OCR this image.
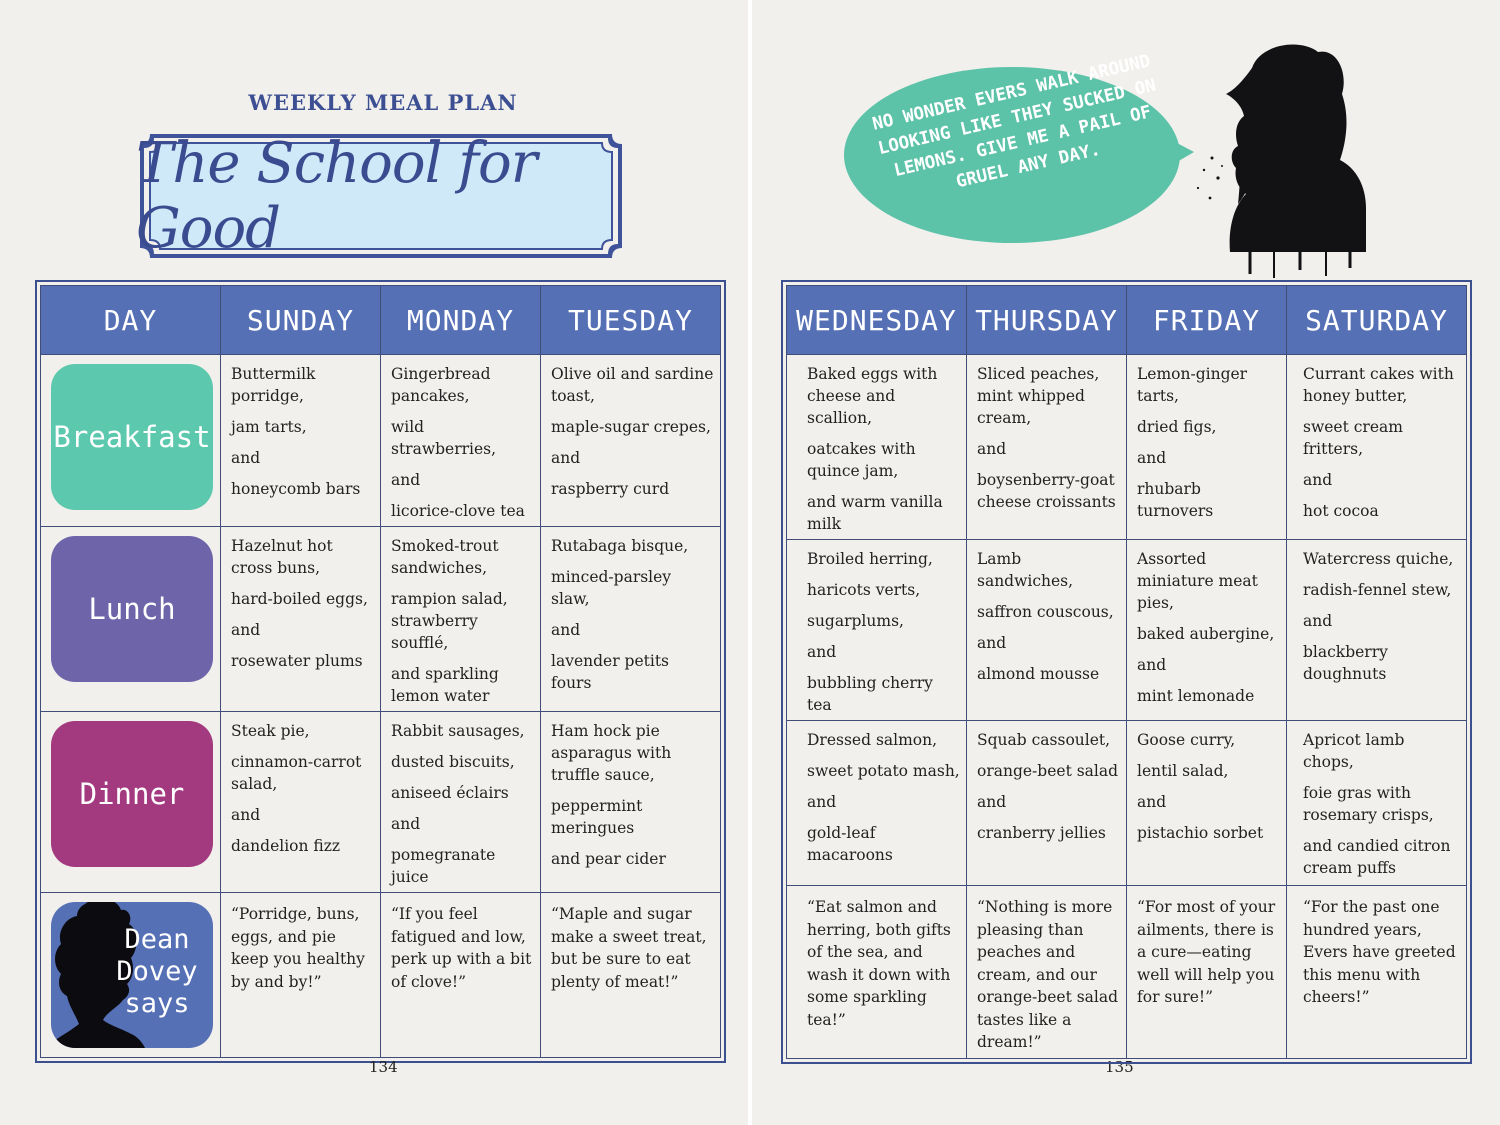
WEEKLY MEAL PLAN
The School for Good
DAY	SUNDAY	MONDAY	TUESDAY

Breakfast	Buttermilk porridge,
jam tarts,
and
honeycomb bars	Gingerbread pancakes,
wild strawberries,
and
licorice-clove tea	Olive oil and sardine toast,
maple-sugar crepes,
and
raspberry curd

Lunch	Hazelnut hot cross buns,
hard-boiled eggs,
and
rosewater plums	Smoked-trout sandwiches,
rampion salad, strawberry soufflé,
and sparkling lemon water	Rutabaga bisque,
minced-parsley slaw,
and
lavender petits fours

Dinner	Steak pie,
cinnamon-carrot salad,
and
dandelion fizz	Rabbit sausages,
dusted biscuits,
aniseed éclairs
and
pomegranate juice	Ham hock pie asparagus with truffle sauce,
peppermint meringues
and pear cider

Dean
Dovey
says	“Porridge, buns, eggs, and pie keep you healthy by and by!”	“If you feel fatigued and low, perk up with a bit of clove!”	“Maple and sugar make a sweet treat, but be sure to eat plenty of meat!”
134	135
NO WONDER EVERS WALK AROUND LOOKING LIKE THEY SUCKED ON LEMONS. GIVE ME A PAIL OF GRUEL ANY DAY.
WEDNESDAY	THURSDAY	FRIDAY	SATURDAY

Baked eggs with cheese and scallion,
oatcakes with quince jam,
and warm vanilla milk	Sliced peaches, mint whipped cream,
and
boysenberry-goat cheese croissants	Lemon-ginger tarts,
dried figs,
and
rhubarb turnovers	Currant cakes with honey butter,
sweet cream fritters,
and
hot cocoa

Broiled herring,
haricots verts,
sugarplums,
and
bubbling cherry tea	Lamb sandwiches,
saffron couscous,
and
almond mousse	Assorted miniature meat pies,
baked aubergine,
and
mint lemonade	Watercress quiche,
radish-fennel stew,
and
blackberry doughnuts

Dressed salmon,
sweet potato mash,
and
gold-leaf macaroons	Squab cassoulet,
orange-beet salad
and
cranberry jellies	Goose curry,
lentil salad,
and
pistachio sorbet	Apricot lamb chops,
foie gras with rosemary crisps,
and candied citron cream puffs

“Eat salmon and herring, both gifts of the sea, and wash it down with some sparkling tea!”	“Nothing is more pleasing than peaches and cream, and our orange-beet salad tastes like a dream!”	“For most of your ailments, there is a cure—eating well will help you for sure!”	“For the past one hundred years, Evers have greeted this menu with cheers!”
